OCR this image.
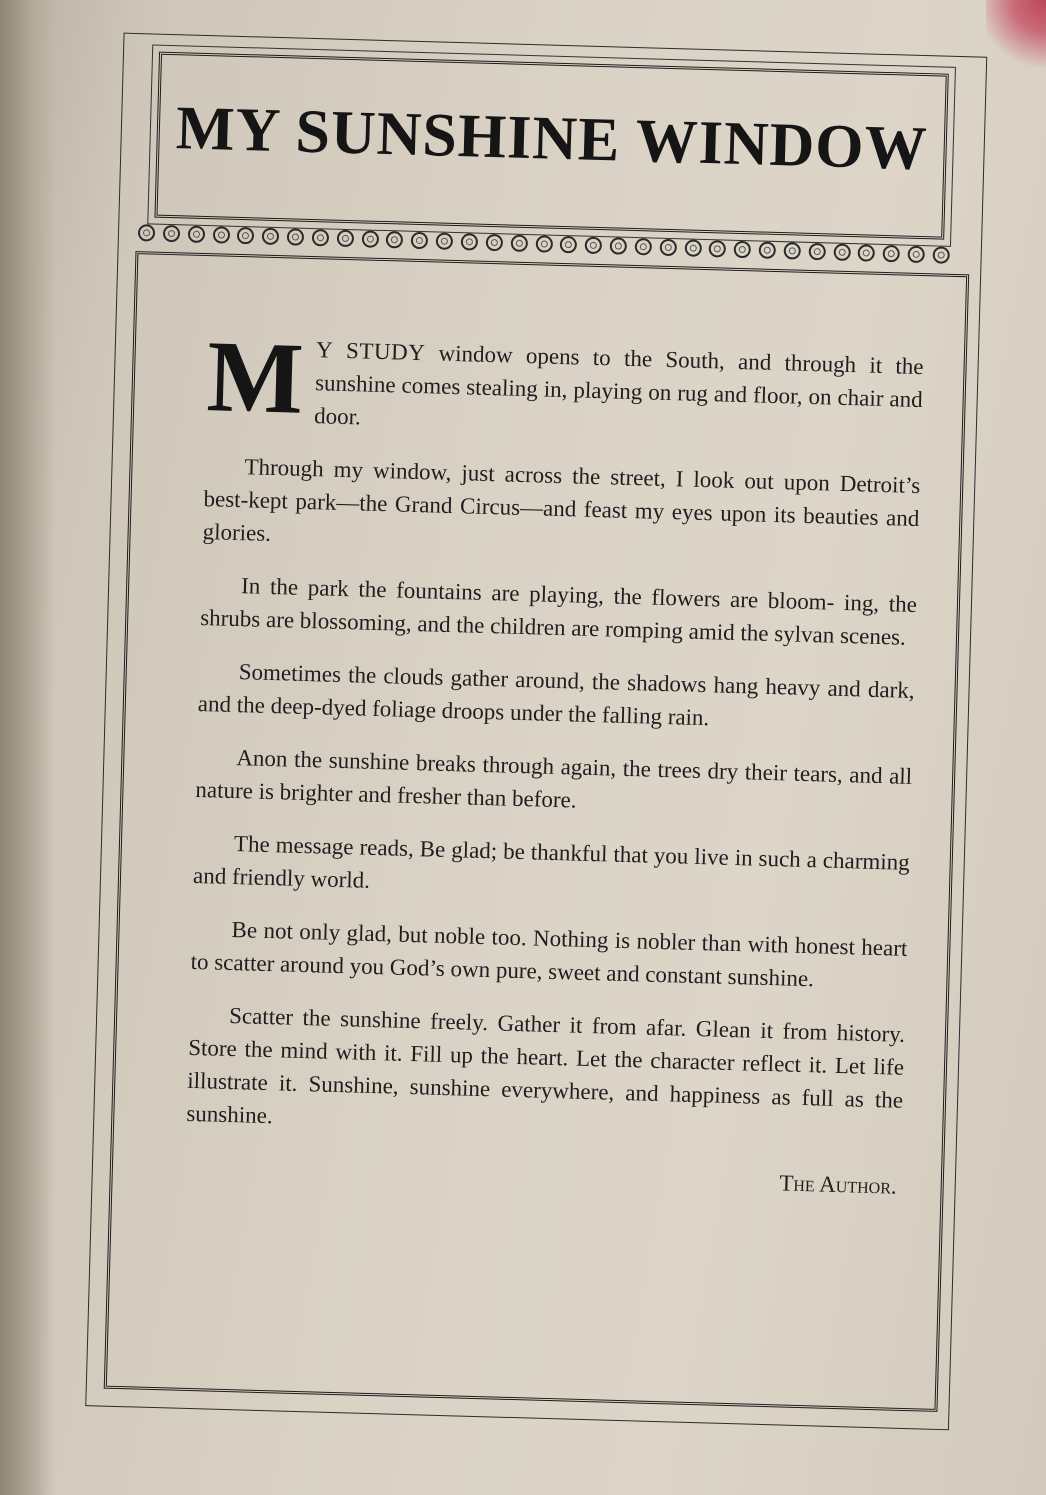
MY SUNSHINE WINDOW

M Y STUDY window opens to the South, and through it the sunshine comes stealing in, playing on rug and floor, on chair and door.

Through my window, just across the street, I look out upon Detroit’s best-kept park—the Grand Circus—and feast my eyes upon its beauties and glories.

In the park the fountains are playing, the flowers are bloom- ing, the shrubs are blossoming, and the children are romping amid the sylvan scenes.

Sometimes the clouds gather around, the shadows hang heavy and dark, and the deep-dyed foliage droops under the falling rain.

Anon the sunshine breaks through again, the trees dry their tears, and all nature is brighter and fresher than before.

The message reads, Be glad; be thankful that you live in such a charming and friendly world.

Be not only glad, but noble too. Nothing is nobler than with honest heart to scatter around you God’s own pure, sweet and constant sunshine.

Scatter the sunshine freely. Gather it from afar. Glean it from history. Store the mind with it. Fill up the heart. Let the character reflect it. Let life illustrate it. Sunshine, sunshine everywhere, and happiness as full as the sunshine.

The Author.
